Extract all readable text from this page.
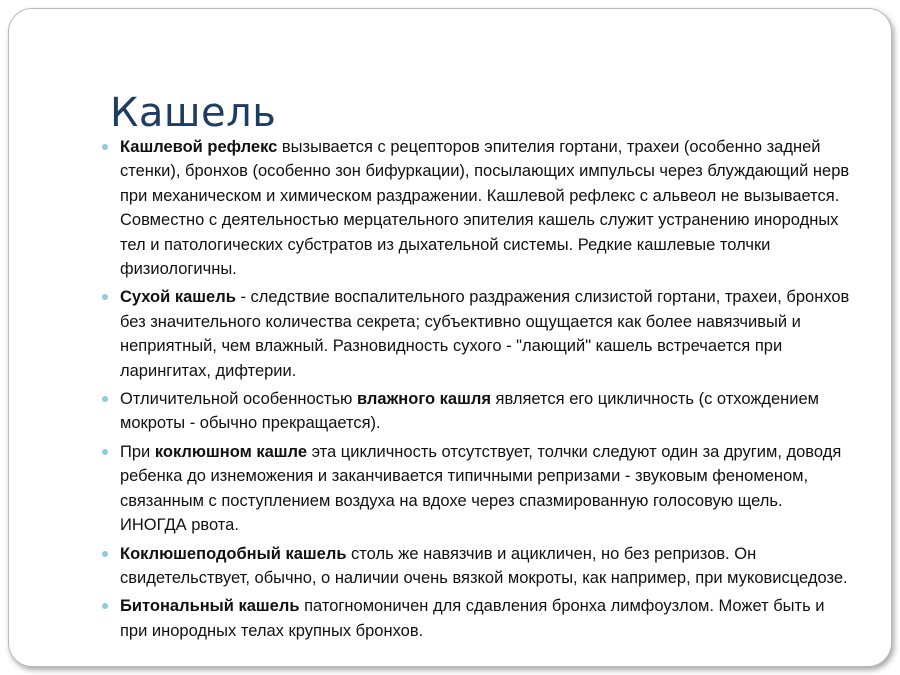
Кашель
Кашлевой рефлекс вызывается с рецепторов эпителия гортани, трахеи (особенно задней стенки), бронхов (особенно зон бифуркации), посылающих импульсы через блуждающий нерв при механическом и химическом раздражении. Кашлевой рефлекс с альвеол не вызывается. Совместно с деятельностью мерцательного эпителия кашель служит устранению инородных тел и патологических субстратов из дыхательной системы. Редкие кашлевые толчки физиологичны.
Сухой кашель - следствие воспалительного раздражения слизистой гортани, трахеи, бронхов без значительного количества секрета; субъективно ощущается как более навязчивый и неприятный, чем влажный. Разновидность сухого - "лающий" кашель встречается при ларингитах, дифтерии.
Отличительной особенностью влажного кашля является его цикличность (с отхождением мокроты - обычно прекращается).
При коклюшном кашле эта цикличность отсутствует, толчки следуют один за другим, доводя ребенка до изнеможения и заканчивается типичными репризами - звуковым феноменом, связанным с поступлением воздуха на вдохе через спазмированную голосовую щель. ИНОГДА рвота.
Коклюшеподобный кашель столь же навязчив и ацикличен, но без репризов. Он свидетельствует, обычно, о наличии очень вязкой мокроты, как например, при муковисцедозе.
Битональный кашель патогномоничен для сдавления бронха лимфоузлом. Может быть и при инородных телах крупных бронхов.
